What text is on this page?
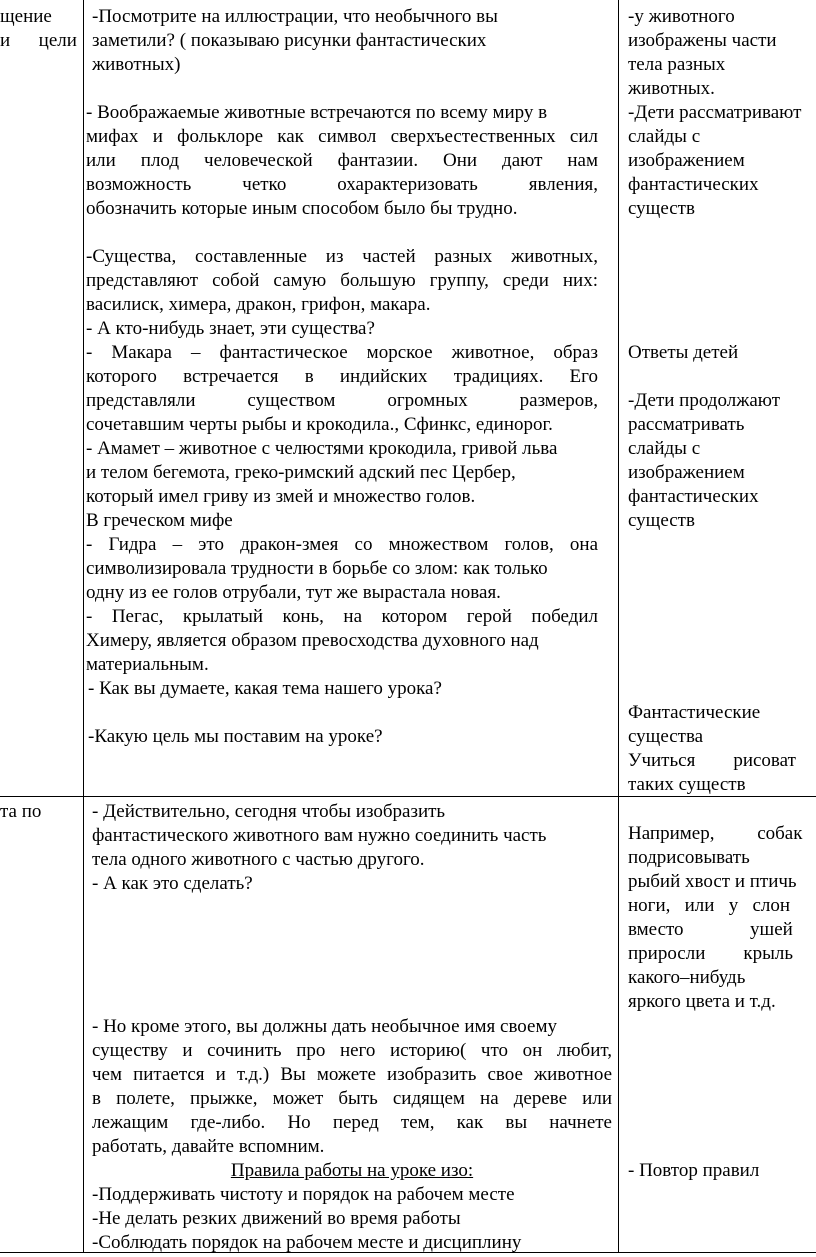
щение

и      цели

-Посмотрите на иллюстрации, что необычного вы

заметили? ( показываю рисунки фантастических

животных)

- Воображаемые животные встречаются по всему миру в

мифах и фольклоре как символ сверхъестественных сил

или плод человеческой фантазии. Они дают нам

возможность четко охарактеризовать явления,

обозначить которые иным способом было бы трудно.

-Существа, составленные из частей разных животных,

представляют собой самую большую группу, среди них:

василиск, химера, дракон, грифон, макара.

- А кто-нибудь знает, эти существа?

- Макара – фантастическое морское животное, образ

которого встречается в индийских традициях. Его

представляли существом огромных размеров,

сочетавшим черты рыбы и крокодила., Сфинкс, единорог.

- Амамет – животное с челюстями крокодила, гривой льва

и телом бегемота, греко-римский адский пес Цербер,

который имел гриву из змей и множество голов.

В греческом мифе

- Гидра – это дракон-змея со множеством голов, она

символизировала трудности в борьбе со злом: как только

одну из ее голов отрубали, тут же вырастала новая.

- Пегас, крылатый конь, на котором герой победил

Химеру, является образом превосходства духовного над

материальным.

- Как вы думаете, какая тема нашего урока?

-Какую цель мы поставим на уроке?

-у животного

изображены части

тела разных

животных.

-Дети рассматривают

слайды с

изображением

фантастических

существ

Ответы детей

-Дети продолжают

рассматривать

слайды с

изображением

фантастических

существ

Фантастические

существа

Учиться        рисоват

таких существ

та по	- Действительно, сегодня чтобы изобразить

фантастического животного вам нужно соединить часть

тела одного животного с частью другого.

- А как это сделать?

- Но кроме этого, вы должны дать необычное имя своему

существу и сочинить про него историю( что он любит,

чем питается и т.д.) Вы можете изобразить свое животное

в полете, прыжке, может быть сидящем на дереве или

лежащим где-либо. Но перед тем, как вы начнете

работать, давайте вспомним.

Правила работы на уроке изо:

-Поддерживать чистоту и порядок на рабочем месте

-Не делать резких движений во время работы

-Соблюдать порядок на рабочем месте и дисциплину

Например,         собак

подрисовывать

рыбий хвост и птичь

ноги,   или   у   слон

вместо              ушей

приросли        крыль

какого–нибудь

яркого цвета и т.д.

- Повтор правил
